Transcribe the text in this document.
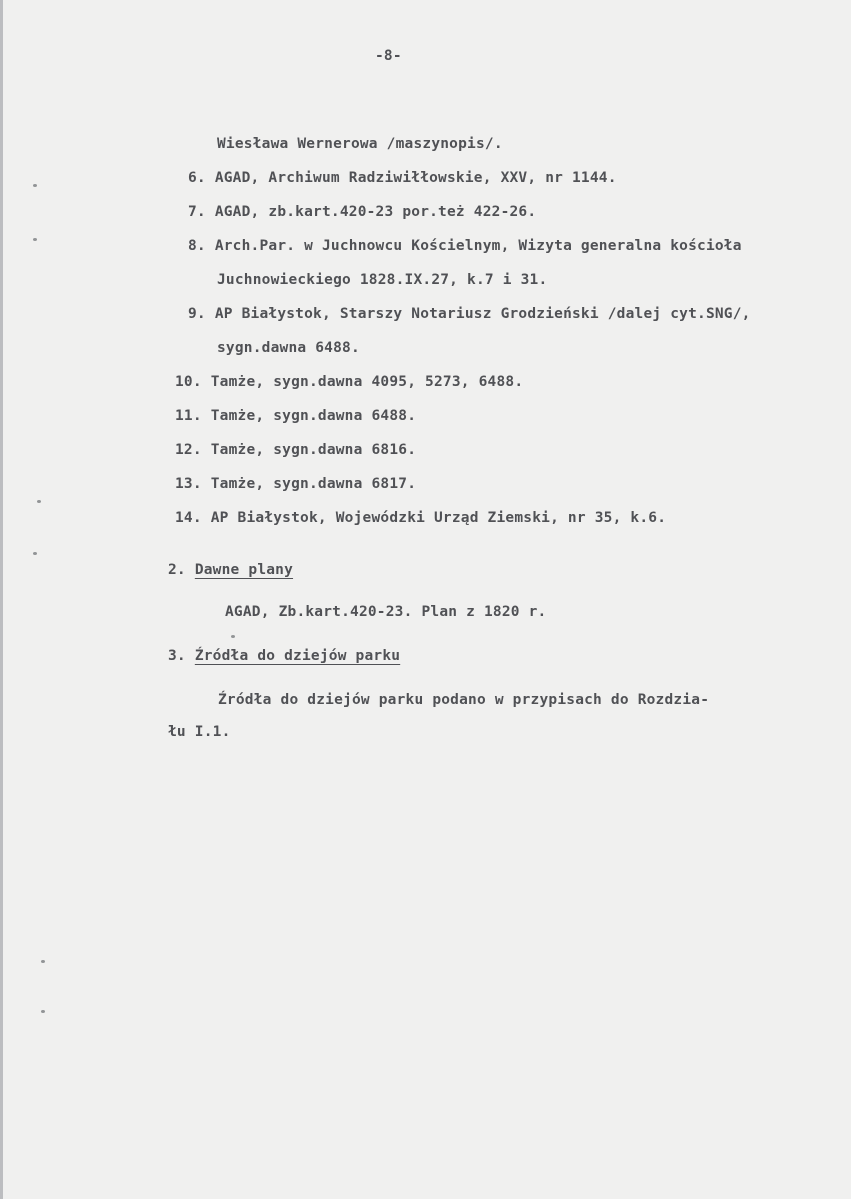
-8-
Wiesława Wernerowa /maszynopis/.
6. AGAD, Archiwum Radziwiłłowskie, XXV, nr 1144.
7. AGAD, zb.kart.420-23 por.też 422-26.
8. Arch.Par. w Juchnowcu Kościelnym, Wizyta generalna kościoła
Juchnowieckiego 1828.IX.27, k.7 i 31.
9. AP Białystok, Starszy Notariusz Grodzieński /dalej cyt.SNG/,
sygn.dawna 6488.
10. Tamże, sygn.dawna 4095, 5273, 6488.
11. Tamże, sygn.dawna 6488.
12. Tamże, sygn.dawna 6816.
13. Tamże, sygn.dawna 6817.
14. AP Białystok, Wojewódzki Urząd Ziemski, nr 35, k.6.
2. Dawne plany
AGAD, Zb.kart.420-23. Plan z 1820 r.
3. Źródła do dziejów parku
Źródła do dziejów parku podano w przypisach do Rozdzia-
łu I.1.
